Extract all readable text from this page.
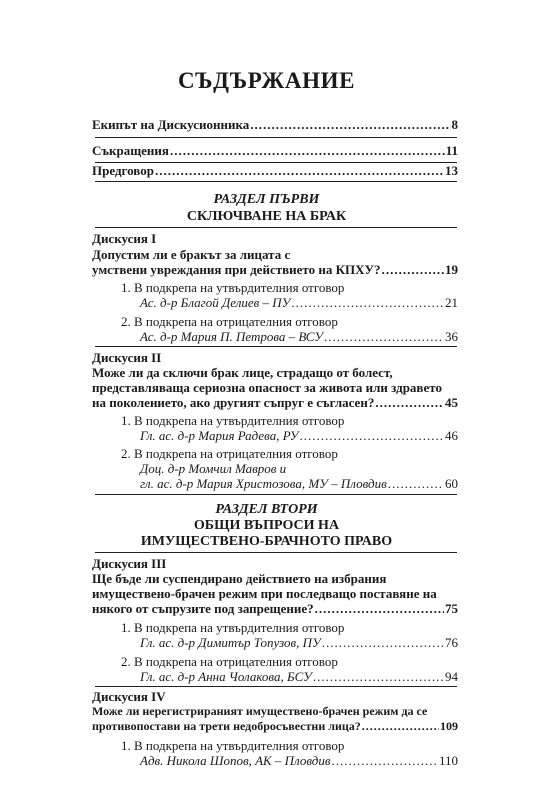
СЪДЪРЖАНИЕ
Екипът на Дискусионника .....	8
Съкращения .....	11
Предговор .....	13
РАЗДЕЛ ПЪРВИ
СКЛЮЧВАНЕ НА БРАК
Дискусия I
Допустим ли е бракът за лицата с
умствени увреждания при действието на КПХУ? .....	19
1. В подкрепа на утвърдителния отговор
Ас. д-р Благой Делиев – ПУ .....	21
2. В подкрепа на отрицателния отговор
Ас. д-р Мария П. Петрова – ВСУ .....	36
Дискусия II
Може ли да сключи брак лице, страдащо от болест,
представляваща сериозна опасност за живота или здравето
на поколението, ако другият съпруг е съгласен? .....	45
1. В подкрепа на утвърдителния отговор
Гл. ас. д-р Мария Радева, РУ .....	46
2. В подкрепа на отрицателния отговор
Доц. д-р Момчил Мавров и
гл. ас. д-р Мария Христозова, МУ – Пловдив .....	60
РАЗДЕЛ ВТОРИ
ОБЩИ ВЪПРОСИ НА
ИМУЩЕСТВЕНО-БРАЧНОТО ПРАВО
Дискусия III
Ще бъде ли суспендирано действието на избрания
имуществено-брачен режим при последващо поставяне на
някого от съпрузите под запрещение? .....	75
1. В подкрепа на утвърдителния отговор
Гл. ас. д-р Димитър Топузов, ПУ .....	76
2. В подкрепа на отрицателния отговор
Гл. ас. д-р Анна Чолакова, БСУ .....	94
Дискусия IV
Може ли нерегистрираният имуществено-брачен режим да се
противопостави на трети недобросъвестни лица? .....	109
1. В подкрепа на утвърдителния отговор
Адв. Никола Шопов, АК – Пловдив .....	110
